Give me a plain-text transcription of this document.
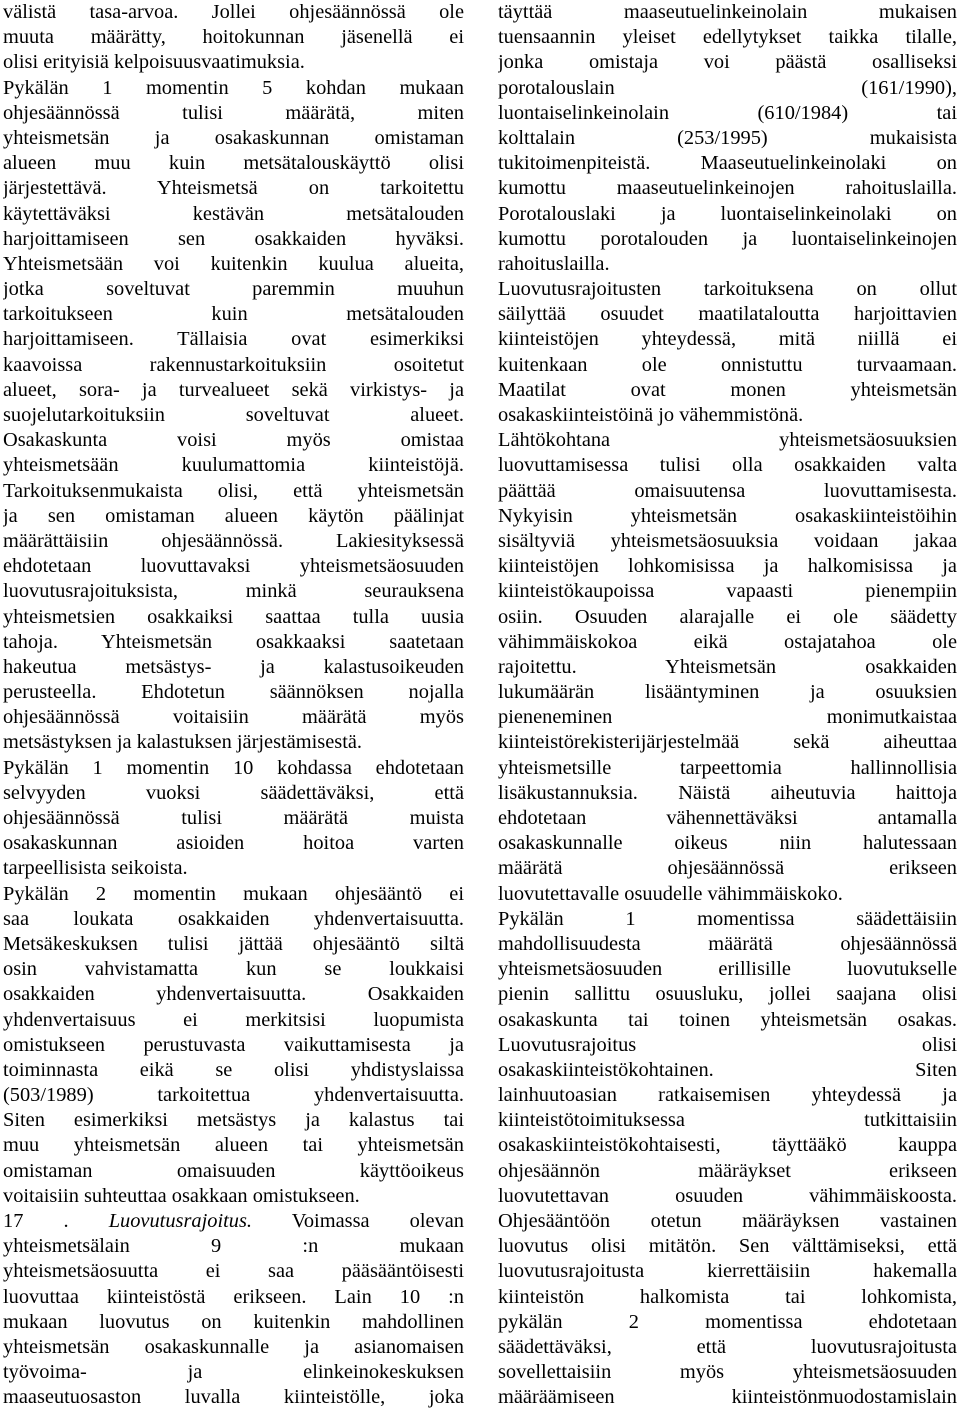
välistä tasa-arvoa. Jollei ohjesäännössä ole
muuta määrätty, hoitokunnan jäsenellä ei
olisi erityisiä kelpoisuusvaatimuksia.
Pykälän 1 momentin 5 kohdan mukaan
ohjesäännössä tulisi määrätä, miten
yhteismetsän ja osakaskunnan omistaman
alueen muu kuin metsätalouskäyttö olisi
järjestettävä. Yhteismetsä on tarkoitettu
käytettäväksi kestävän metsätalouden
harjoittamiseen sen osakkaiden hyväksi.
Yhteismetsään voi kuitenkin kuulua alueita,
jotka soveltuvat paremmin muuhun
tarkoitukseen kuin metsätalouden
harjoittamiseen. Tällaisia ovat esimerkiksi
kaavoissa rakennustarkoituksiin osoitetut
alueet, sora- ja turvealueet sekä virkistys- ja
suojelutarkoituksiin soveltuvat alueet.
Osakaskunta voisi myös omistaa
yhteismetsään kuulumattomia kiinteistöjä.
Tarkoituksenmukaista olisi, että yhteismetsän
ja sen omistaman alueen käytön päälinjat
määrättäisiin ohjesäännössä. Lakiesityksessä
ehdotetaan luovuttavaksi yhteismetsäosuuden
luovutusrajoituksista, minkä seurauksena
yhteismetsien osakkaiksi saattaa tulla uusia
tahoja. Yhteismetsän osakkaaksi saatetaan
hakeutua metsästys- ja kalastusoikeuden
perusteella. Ehdotetun säännöksen nojalla
ohjesäännössä voitaisiin määrätä myös
metsästyksen ja kalastuksen järjestämisestä.
Pykälän 1 momentin 10 kohdassa ehdotetaan
selvyyden vuoksi säädettäväksi, että
ohjesäännössä tulisi määrätä muista
osakaskunnan asioiden hoitoa varten
tarpeellisista seikoista.
Pykälän 2 momentin mukaan ohjesääntö ei
saa loukata osakkaiden yhdenvertaisuutta.
Metsäkeskuksen tulisi jättää ohjesääntö siltä
osin vahvistamatta kun se loukkaisi
osakkaiden yhdenvertaisuutta. Osakkaiden
yhdenvertaisuus ei merkitsisi luopumista
omistukseen perustuvasta vaikuttamisesta ja
toiminnasta eikä se olisi yhdistyslaissa
(503/1989) tarkoitettua yhdenvertaisuutta.
Siten esimerkiksi metsästys ja kalastus tai
muu yhteismetsän alueen tai yhteismetsän
omistaman omaisuuden käyttöoikeus
voitaisiin suhteuttaa osakkaan omistukseen.
17 . Luovutusrajoitus. Voimassa olevan
yhteismetsälain 9 :n mukaan
yhteismetsäosuutta ei saa pääsääntöisesti
luovuttaa kiinteistöstä erikseen. Lain 10 :n
mukaan luovutus on kuitenkin mahdollinen
yhteismetsän osakaskunnalle ja asianomaisen
työvoima- ja elinkeinokeskuksen
maaseutuosaston luvalla kiinteistölle, joka
täyttää maaseutuelinkeinolain mukaisen
tuensaannin yleiset edellytykset taikka tilalle,
jonka omistaja voi päästä osalliseksi
porotalouslain (161/1990),
luontaiselinkeinolain (610/1984) tai
kolttalain (253/1995) mukaisista
tukitoimenpiteistä. Maaseutuelinkeinolaki on
kumottu maaseutuelinkeinojen rahoituslailla.
Porotalouslaki ja luontaiselinkeinolaki on
kumottu porotalouden ja luontaiselinkeinojen
rahoituslailla.
Luovutusrajoitusten tarkoituksena on ollut
säilyttää osuudet maatilataloutta harjoittavien
kiinteistöjen yhteydessä, mitä niillä ei
kuitenkaan ole onnistuttu turvaamaan.
Maatilat ovat monen yhteismetsän
osakaskiinteistöinä jo vähemmistönä.
Lähtökohtana yhteismetsäosuuksien
luovuttamisessa tulisi olla osakkaiden valta
päättää omaisuutensa luovuttamisesta.
Nykyisin yhteismetsän osakaskiinteistöihin
sisältyviä yhteismetsäosuuksia voidaan jakaa
kiinteistöjen lohkomisissa ja halkomisissa ja
kiinteistökaupoissa vapaasti pienempiin
osiin. Osuuden alarajalle ei ole säädetty
vähimmäiskokoa eikä ostajatahoa ole
rajoitettu. Yhteismetsän osakkaiden
lukumäärän lisääntyminen ja osuuksien
pieneneminen monimutkaistaa
kiinteistörekisterijärjestelmää sekä aiheuttaa
yhteismetsille tarpeettomia hallinnollisia
lisäkustannuksia. Näistä aiheutuvia haittoja
ehdotetaan vähennettäväksi antamalla
osakaskunnalle oikeus niin halutessaan
määrätä ohjesäännössä erikseen
luovutettavalle osuudelle vähimmäiskoko.
Pykälän 1 momentissa säädettäisiin
mahdollisuudesta määrätä ohjesäännössä
yhteismetsäosuuden erillisille luovutukselle
pienin sallittu osuusluku, jollei saajana olisi
osakaskunta tai toinen yhteismetsän osakas.
Luovutusrajoitus olisi
osakaskiinteistökohtainen. Siten
lainhuutoasian ratkaisemisen yhteydessä ja
kiinteistötoimituksessa tutkittaisiin
osakaskiinteistökohtaisesti, täyttääkö kauppa
ohjesäännön määräykset erikseen
luovutettavan osuuden vähimmäiskoosta.
Ohjesääntöön otetun määräyksen vastainen
luovutus olisi mitätön. Sen välttämiseksi, että
luovutusrajoitusta kierrettäisiin hakemalla
kiinteistön halkomista tai lohkomista,
pykälän 2 momentissa ehdotetaan
säädettäväksi, että luovutusrajoitusta
sovellettaisiin myös yhteismetsäosuuden
määräämiseen kiinteistönmuodostamislain
